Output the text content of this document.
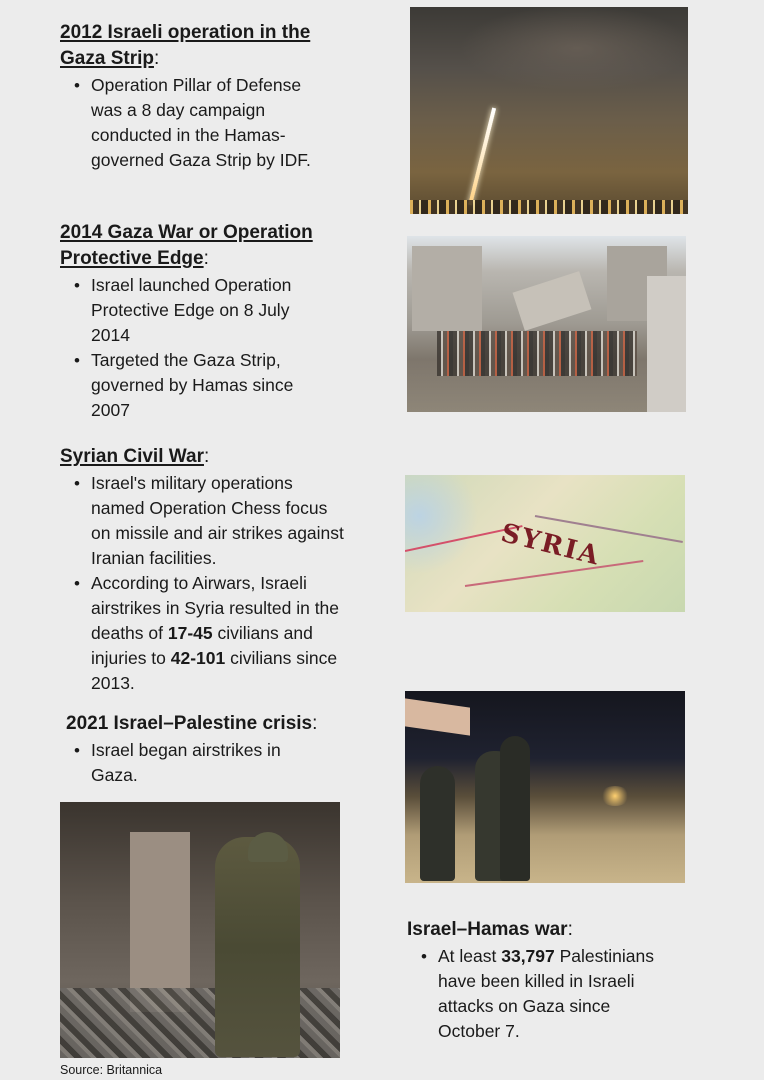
2012 Israeli operation in the
Gaza Strip:

• Operation Pillar of Defense was a 8 day campaign conducted in the Hamas-governed Gaza Strip by IDF.

2014 Gaza War or Operation
Protective Edge:

• Israel launched Operation Protective Edge on 8 July 2014
• Targeted the Gaza Strip, governed by Hamas since 2007

Syrian Civil War:

• Israel's military operations named Operation Chess focus on missile and air strikes against Iranian facilities.
• According to Airwars, Israeli airstrikes in Syria resulted in the deaths of 17-45 civilians and injuries to 42-101 civilians since 2013.
SYRIA

2021 Israel–Palestine crisis:

• Israel began airstrikes in Gaza.

Israel–Hamas war:

• At least 33,797 Palestinians have been killed in Israeli attacks on Gaza since October 7.
Source: Britannica
